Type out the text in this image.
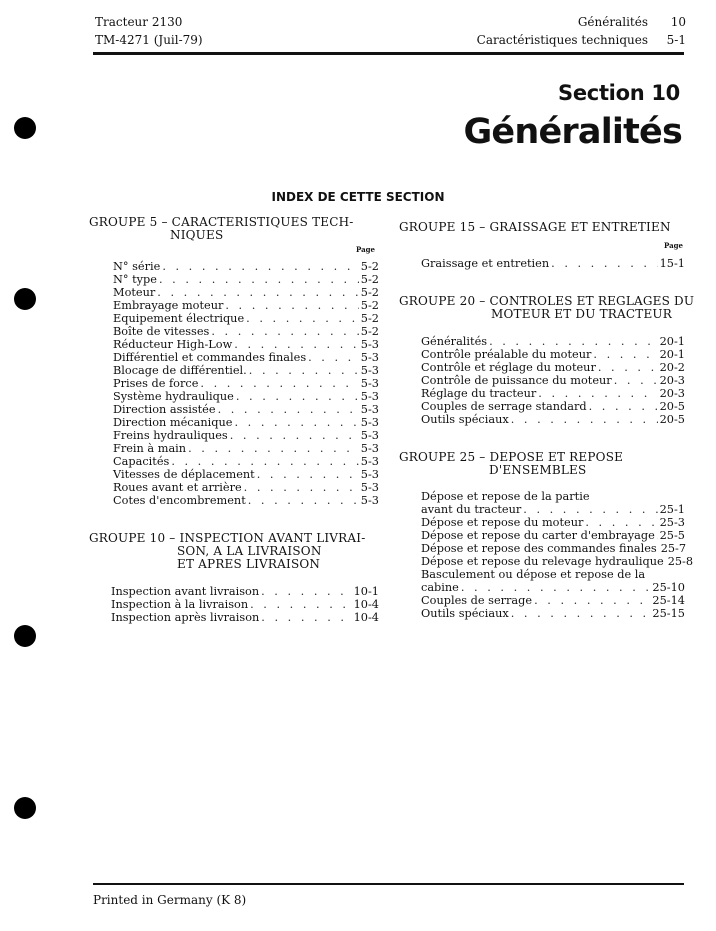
Tracteur 2130
TM-4271 (Juil-79)
Généralités 10
Caractéristiques techniques 5-1
Section 10
Généralités
INDEX DE CETTE SECTION
GROUPE 5 – CARACTERISTIQUES TECH-
NIQUES
Page
N° série . . .	5-2
N° type . . .	5-2
Moteur . . .	5-2
Embrayage moteur . . .	5-2
Equipement électrique . . .	5-2
Boîte de vitesses . . .	5-2
Réducteur High-Low . . .	5-3
Différentiel et commandes finales . . .	5-3
Blocage de différentiel. . . .	5-3
Prises de force . . .	5-3
Système hydraulique . . .	5-3
Direction assistée . . .	5-3
Direction mécanique . . .	5-3
Freins hydrauliques . . .	5-3
Frein à main . . .	5-3
Capacités . . .	5-3
Vitesses de déplacement . . .	5-3
Roues avant et arrière . . .	5-3
Cotes d'encombrement . . .	5-3
GROUPE 10 – INSPECTION AVANT LIVRAI-
SON, A LA LIVRAISON
ET APRES LIVRAISON
Inspection avant livraison . . .	10-1
Inspection à la livraison . . .	10-4
Inspection après livraison . . .	10-4
GROUPE 15 – GRAISSAGE ET ENTRETIEN
Page
Graissage et entretien . . .	15-1
GROUPE 20 – CONTROLES ET REGLAGES DU
MOTEUR ET DU TRACTEUR
Généralités . . .	20-1
Contrôle préalable du moteur . . .	20-1
Contrôle et réglage du moteur . . .	20-2
Contrôle de puissance du moteur . . .	20-3
Réglage du tracteur . . .	20-3
Couples de serrage standard . . .	20-5
Outils spéciaux . . .	20-5
GROUPE 25 – DEPOSE ET REPOSE
D'ENSEMBLES
Dépose et repose de la partie
avant du tracteur . . .	25-1
Dépose et repose du moteur . . .	25-3
Dépose et repose du carter d'embrayage . . . 25-5
Dépose et repose des commandes finales 25-7
Dépose et repose du relevage hydraulique 25-8
Basculement ou dépose et repose de la
cabine . . .	25-10
Couples de serrage . . .	25-14
Outils spéciaux . . .	25-15
Printed in Germany (K 8)
